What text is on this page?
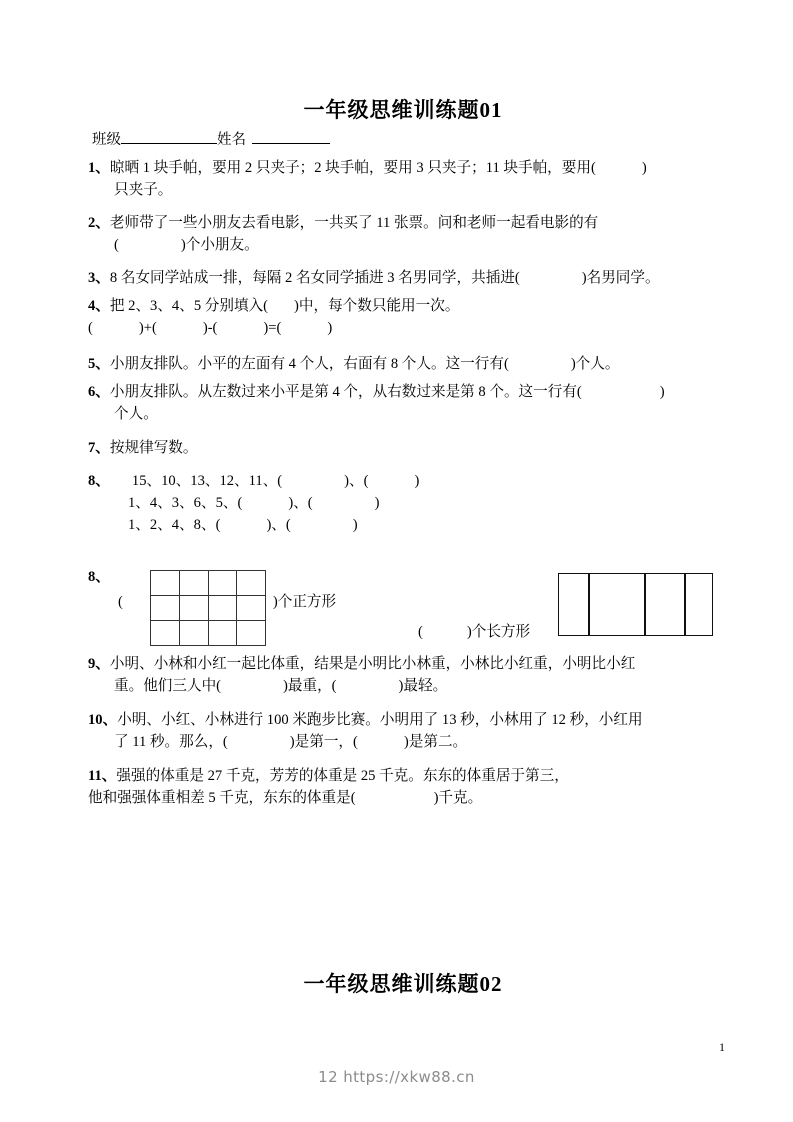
一年级思维训练题01
班级	姓名
1、晾晒 1 块手帕，要用 2 只夹子；2 块手帕，要用 3 只夹子；11 块手帕，要用(	)
只夹子。
2、老师带了一些小朋友去看电影，一共买了 11 张票。问和老师一起看电影的有
(	)个小朋友。
3、8 名女同学站成一排，每隔 2 名女同学插进 3 名男同学，共插进(	)名男同学。
4、把 2、3、4、5 分别填入( )中，每个数只能用一次。
(	)+(	)-(	)=(	)
5、小朋友排队。小平的左面有 4 个人，右面有 8 个人。这一行有(	)个人。
6、小朋友排队。从左数过来小平是第 4 个，从右数过来是第 8 个。这一行有(	)
个人。
7、按规律写数。
8、 15、10、13、12、11、(	)、(	)
1、4、3、6、5、(	)、(	)
1、2、4、8、(	)、(	)
8、
(	)个正方形
(	)个长方形
9、小明、小林和小红一起比体重，结果是小明比小林重，小林比小红重，小明比小红
重。他们三人中(	)最重，(	)最轻。
10、小明、小红、小林进行 100 米跑步比赛。小明用了 13 秒，小林用了 12 秒，小红用
了 11 秒。那么，(	)是第一，(	)是第二。
11、强强的体重是 27 千克，芳芳的体重是 25 千克。东东的体重居于第三，
他和强强体重相差 5 千克，东东的体重是(	)千克。
一年级思维训练题02
1
12 https://xkw88.cn
